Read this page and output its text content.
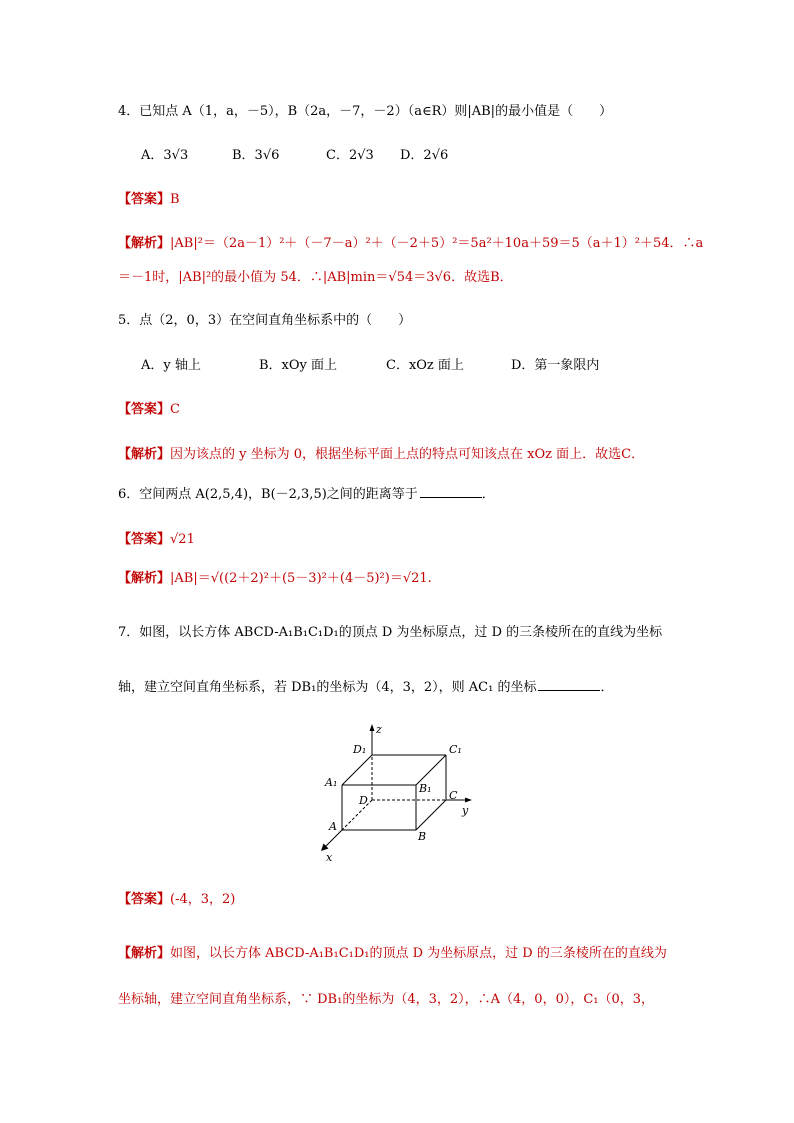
4．已知点 A（1，a，－5），B（2a，－7，－2）（a∈R）则|AB|的最小值是（　　）
A．3√3	B．3√6	C．2√3 D．2√6
【答案】B
【解析】|AB|²＝（2a－1）²＋（－7－a）²＋（－2＋5）²＝5a²＋10a＋59＝5（a＋1）²＋54．∴a
＝－1时，|AB|²的最小值为 54．∴|AB|min＝√54＝3√6．故选B．
5．点（2，0，3）在空间直角坐标系中的（　　）
A．y 轴上	B．xOy 面上	C．xOz 面上	D．第一象限内
【答案】C
【解析】因为该点的 y 坐标为 0，根据坐标平面上点的特点可知该点在 xOz 面上．故选C．
6．空间两点 A(2,5,4)，B(－2,3,5)之间的距离等于	．
【答案】√21
【解析】|AB|＝√((2＋2)²＋(5－3)²＋(4－5)²)＝√21.
7．如图，以长方体 ABCD-A₁B₁C₁D₁的顶点 D 为坐标原点，过 D 的三条棱所在的直线为坐标
轴，建立空间直角坐标系，若 DB₁的坐标为（4，3，2），则 AC₁ 的坐标	．
z
y
x
D₁	C₁
A₁	B₁
D	C
A
B
【答案】(-4，3，2)
【解析】如图，以长方体 ABCD-A₁B₁C₁D₁的顶点 D 为坐标原点，过 D 的三条棱所在的直线为
坐标轴，建立空间直角坐标系，∵ DB₁的坐标为（4，3，2），∴A（4，0，0），C₁（0，3，
